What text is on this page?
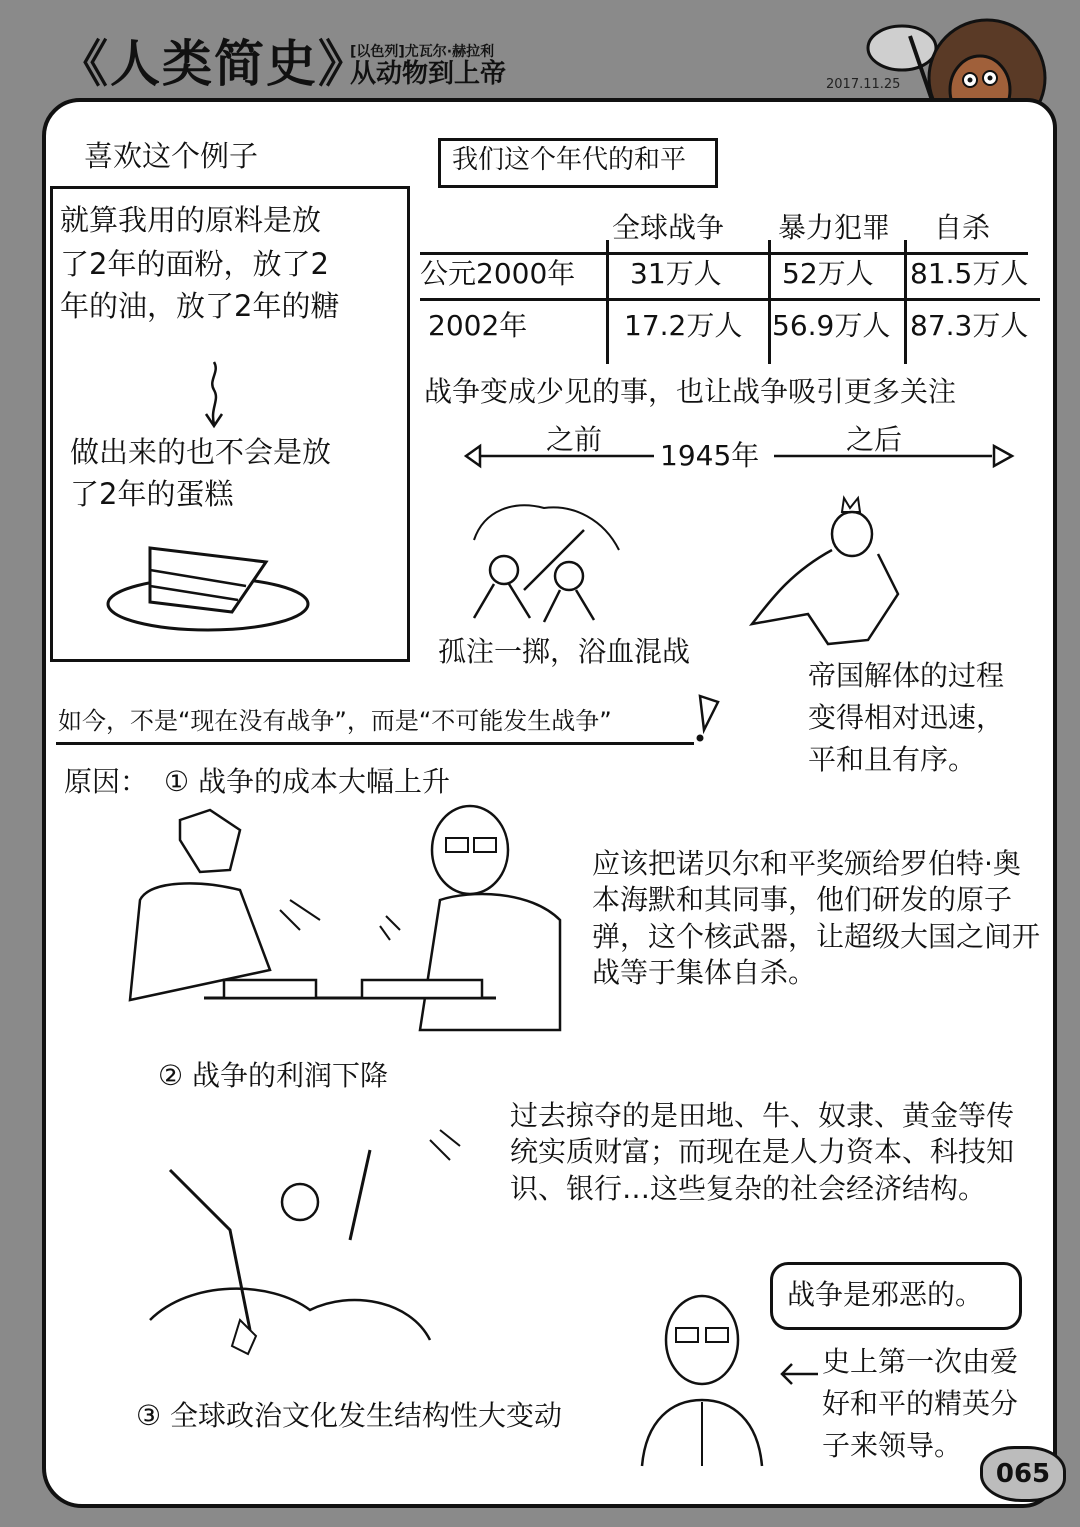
《人类简史》
[以色列]尤瓦尔·赫拉利
从动物到上帝	2017.11.25
喜欢这个例子
就算我用的原料是放
了2年的面粉，放了2
年的油，放了2年的糖
做出来的也不会是放
了2年的蛋糕
我们这个年代的和平
全球战争 暴力犯罪 自杀
公元2000年 31万人 52万人 81.5万人
2002年	17.2万人 56.9万人 87.3万人
战争变成少见的事，也让战争吸引更多关注
之前 1945年	之后
孤注一掷，浴血混战
帝国解体的过程
变得相对迅速，
平和且有序。
如今，不是“现在没有战争”，而是“不可能发生战争”
原因： ① 战争的成本大幅上升
应该把诺贝尔和平奖颁给罗伯特·奥本海默和其同事，他们研发的原子弹，这个核武器，让超级大国之间开战等于集体自杀。
② 战争的利润下降
过去掠夺的是田地、牛、奴隶、黄金等传统实质财富；而现在是人力资本、科技知识、银行…这些复杂的社会经济结构。
战争是邪恶的。
史上第一次由爱
好和平的精英分
子来领导。
③ 全球政治文化发生结构性大变动
065
